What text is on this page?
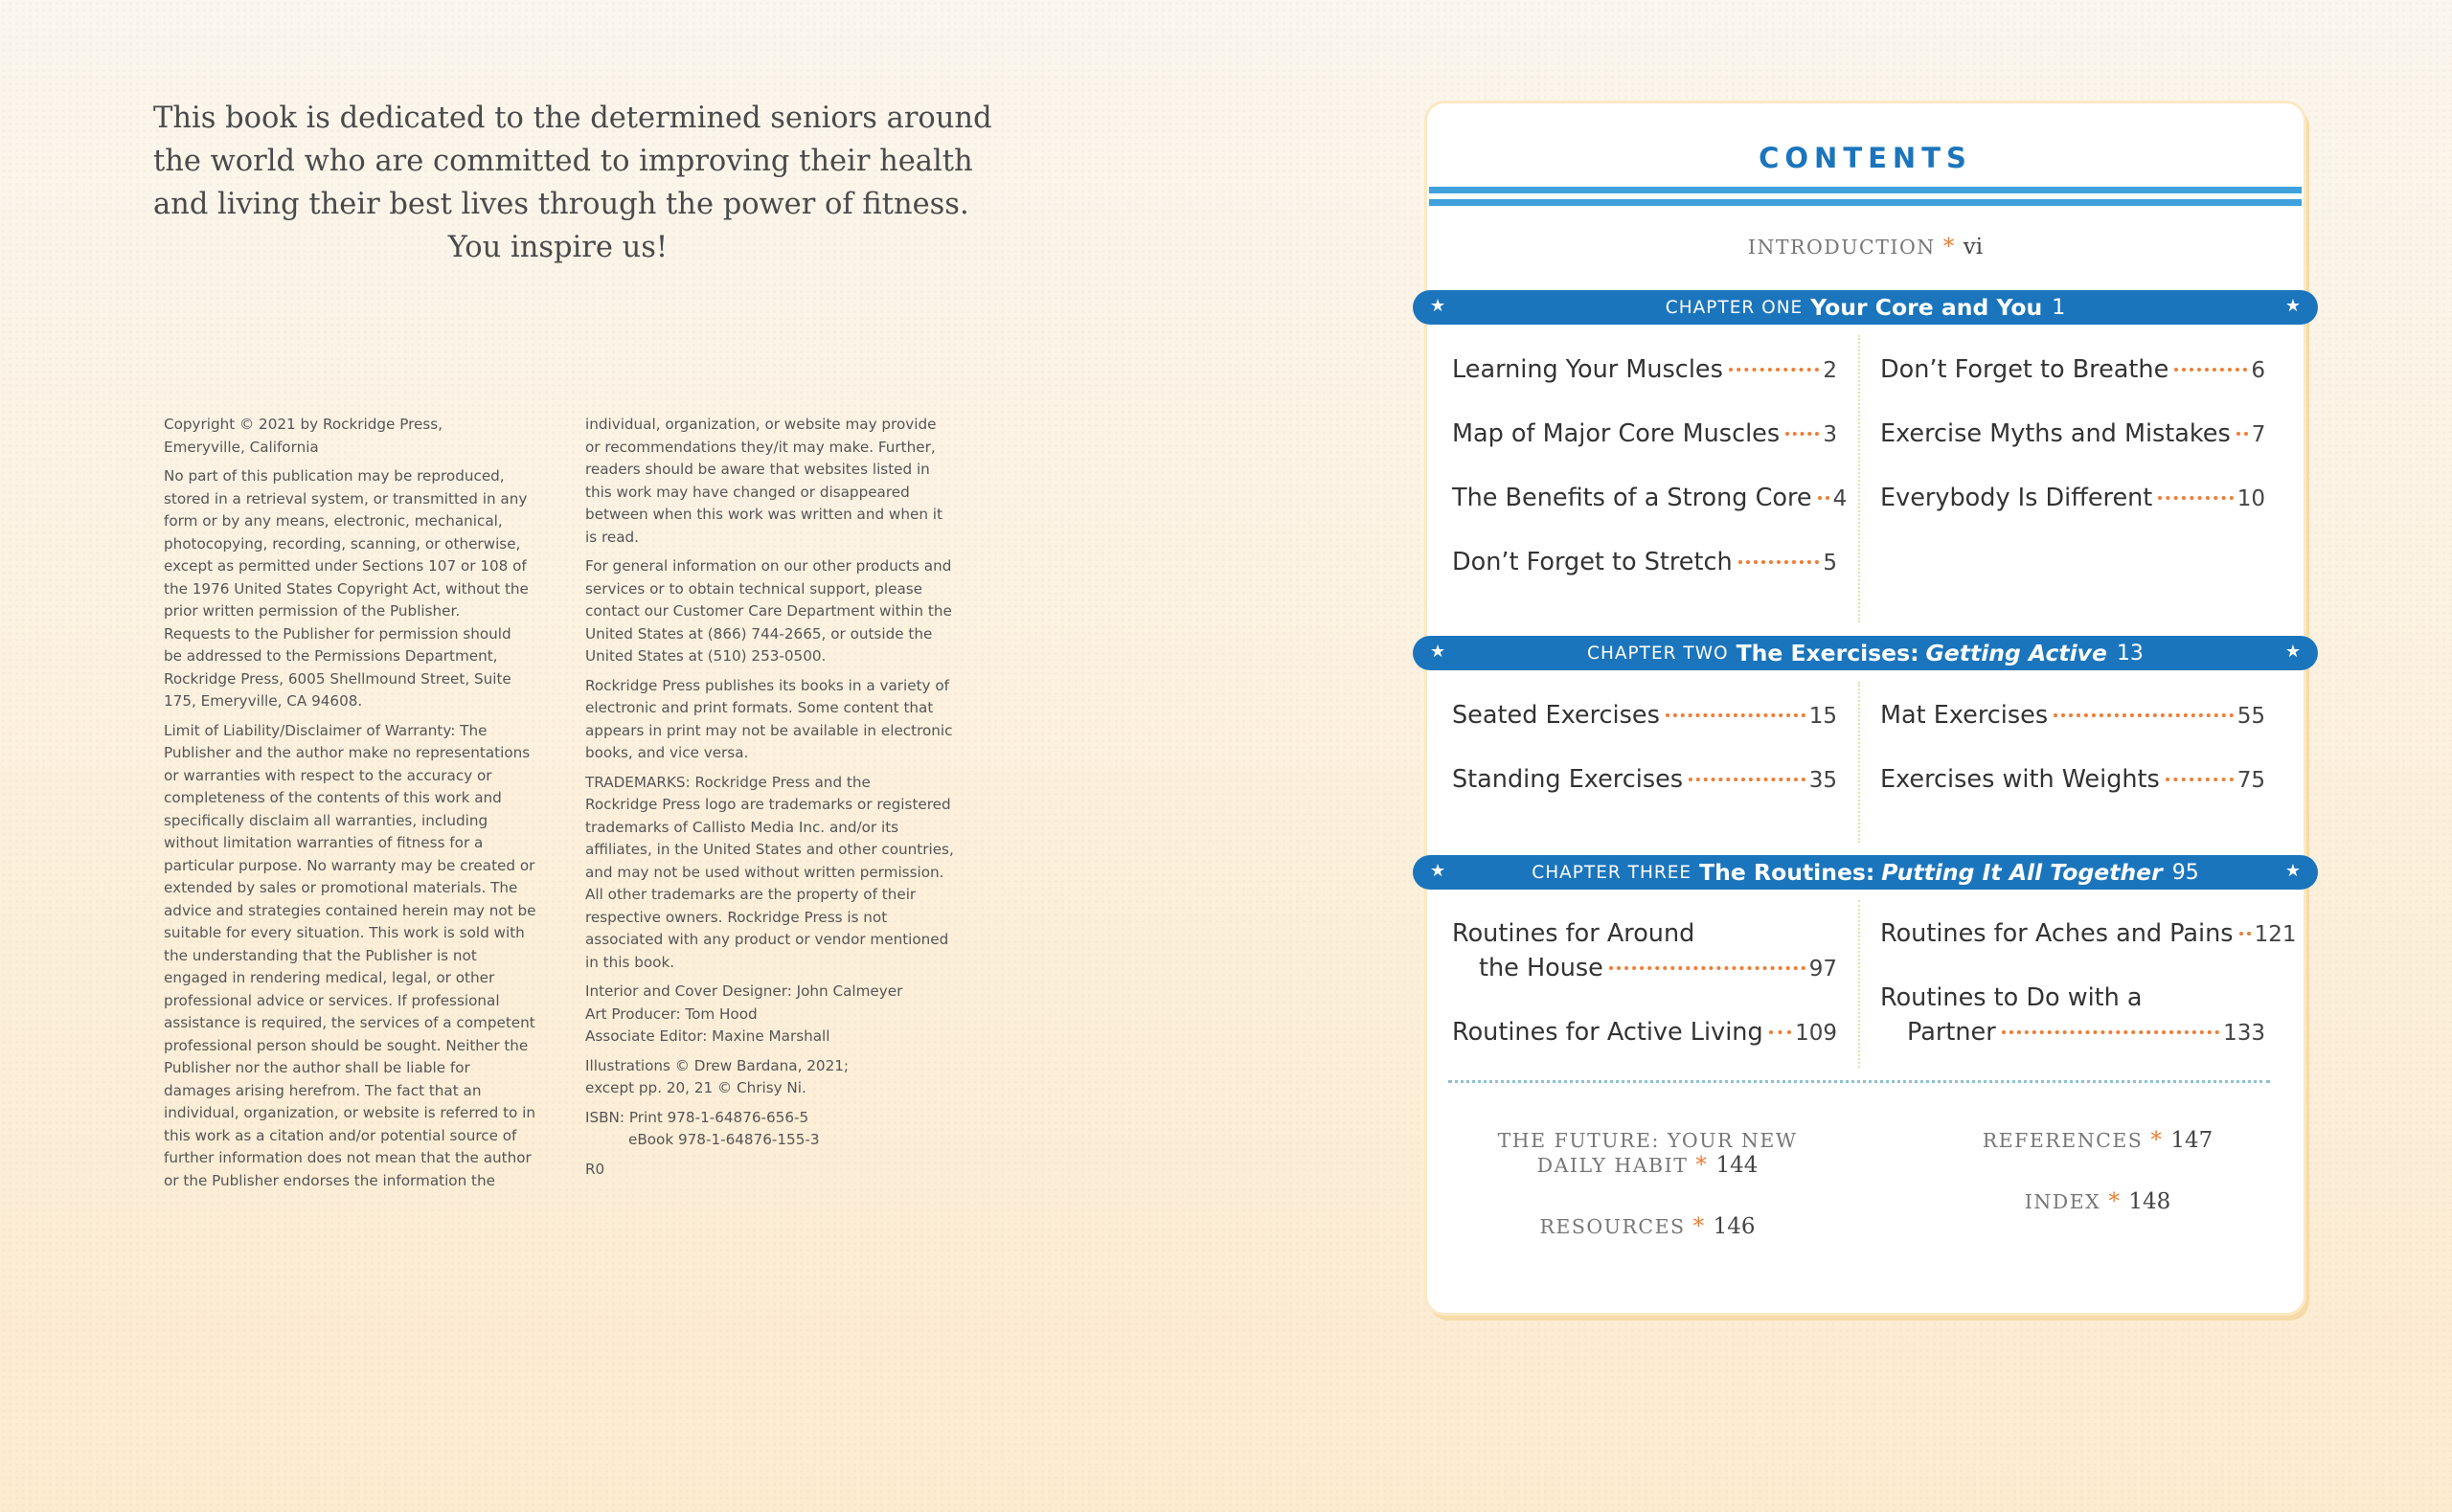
This book is dedicated to the determined seniors around
the world who are committed to improving their health
and living their best lives through the power of fitness.
You inspire us!

Copyright © 2021 by Rockridge Press,
Emeryville, California

No part of this publication may be reproduced,
stored in a retrieval system, or transmitted in any
form or by any means, electronic, mechanical,
photocopying, recording, scanning, or otherwise,
except as permitted under Sections 107 or 108 of
the 1976 United States Copyright Act, without the
prior written permission of the Publisher.
Requests to the Publisher for permission should
be addressed to the Permissions Department,
Rockridge Press, 6005 Shellmound Street, Suite
175, Emeryville, CA 94608.

Limit of Liability/Disclaimer of Warranty: The
Publisher and the author make no representations
or warranties with respect to the accuracy or
completeness of the contents of this work and
specifically disclaim all warranties, including
without limitation warranties of fitness for a
particular purpose. No warranty may be created or
extended by sales or promotional materials. The
advice and strategies contained herein may not be
suitable for every situation. This work is sold with
the understanding that the Publisher is not
engaged in rendering medical, legal, or other
professional advice or services. If professional
assistance is required, the services of a competent
professional person should be sought. Neither the
Publisher nor the author shall be liable for
damages arising herefrom. The fact that an
individual, organization, or website is referred to in
this work as a citation and/or potential source of
further information does not mean that the author
or the Publisher endorses the information the

individual, organization, or website may provide
or recommendations they/it may make. Further,
readers should be aware that websites listed in
this work may have changed or disappeared
between when this work was written and when it
is read.

For general information on our other products and
services or to obtain technical support, please
contact our Customer Care Department within the
United States at (866) 744-2665, or outside the
United States at (510) 253-0500.

Rockridge Press publishes its books in a variety of
electronic and print formats. Some content that
appears in print may not be available in electronic
books, and vice versa.

TRADEMARKS: Rockridge Press and the
Rockridge Press logo are trademarks or registered
trademarks of Callisto Media Inc. and/or its
affiliates, in the United States and other countries,
and may not be used without written permission.
All other trademarks are the property of their
respective owners. Rockridge Press is not
associated with any product or vendor mentioned
in this book.

Interior and Cover Designer: John Calmeyer
Art Producer: Tom Hood
Associate Editor: Maxine Marshall

Illustrations © Drew Bardana, 2021;
except pp. 20, 21 © Chrisy Ni.

ISBN: Print 978-1-64876-656-5
eBook 978-1-64876-155-3

R0

CONTENTS
INTRODUCTION * vi
★	CHAPTER ONE Your Core and You 1	★
★	CHAPTER TWO The Exercises: Getting Active 13	★
★	CHAPTER THREE The Routines: Putting It All Together 95	★
Learning Your Muscles	2
Map of Major Core Muscles 3
The Benefits of a Strong Core 4
Don’t Forget to Stretch	5
Don’t Forget to Breathe	6
Exercise Myths and Mistakes 7
Everybody Is Different	10
Seated Exercises	15
Standing Exercises	35
Mat Exercises	55
Exercises with Weights	75
Routines for Around
the House	97
Routines for Active Living 109
Routines for Aches and Pains 121
Routines to Do with a
Partner	133
THE FUTURE: YOUR NEW
DAILY HABIT * 144
RESOURCES * 146
REFERENCES * 147
INDEX * 148
